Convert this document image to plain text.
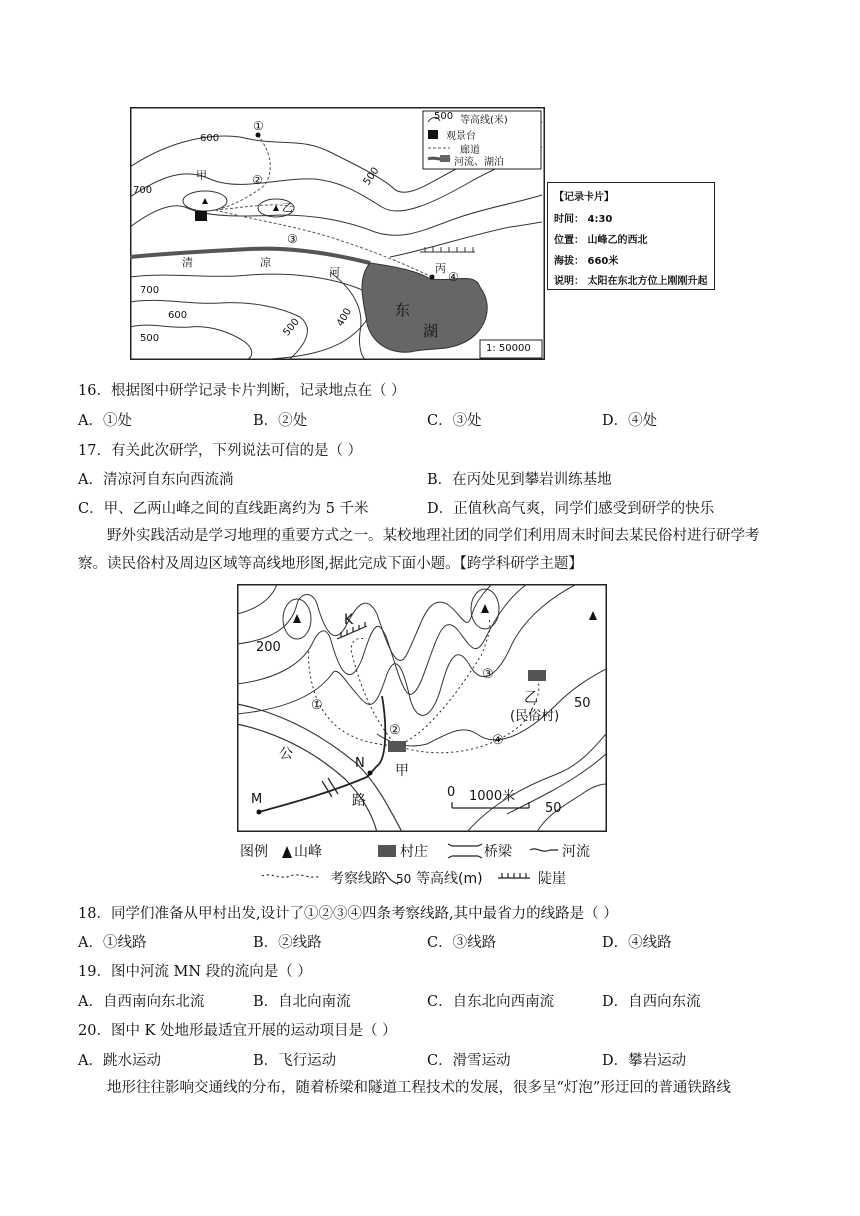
500 等高线(米)
观景台
廊道
河流、湖泊
1: 50000
甲
乙
丙
清	凉
河
东
湖
①
②
③
④
600
700
500
700
600
500
500	400
【记录卡片】
时间： 4:30
位置： 山峰乙的西北
海拔： 660米
说明： 太阳在东北方位上刚刚升起
16．根据图中研学记录卡片判断，记录地点在（ ）
A．①处	B．②处	C．③处	D．④处
17．有关此次研学，下列说法可信的是（ ）
A．清凉河自东向西流淌	B．在丙处见到攀岩训练基地
C．甲、乙两山峰之间的直线距离约为 5 千米	D．正值秋高气爽，同学们感受到研学的快乐
野外实践活动是学习地理的重要方式之一。某校地理社团的同学们利用周末时间去某民俗村进行研学考察。读民俗村及周边区域等高线地形图,据此完成下面小题。【跨学科研学主题】
200
50
50
K
N
M
甲
乙
(民俗村)
公
路
①
②
③
④
0 1000米
图例 山峰	村庄	桥梁	河流
考察线路 50 等高线(m)	陡崖
18．同学们准备从甲村出发,设计了①②③④四条考察线路,其中最省力的线路是（ ）
A．①线路	B．②线路	C．③线路	D．④线路
19．图中河流 MN 段的流向是（ ）
A．自西南向东北流	B．自北向南流	C．自东北向西南流	D．自西向东流
20．图中 K 处地形最适宜开展的运动项目是（ ）
A．跳水运动	B．飞行运动	C．滑雪运动	D．攀岩运动
地形往往影响交通线的分布，随着桥梁和隧道工程技术的发展，很多呈“灯泡”形迂回的普通铁路线
